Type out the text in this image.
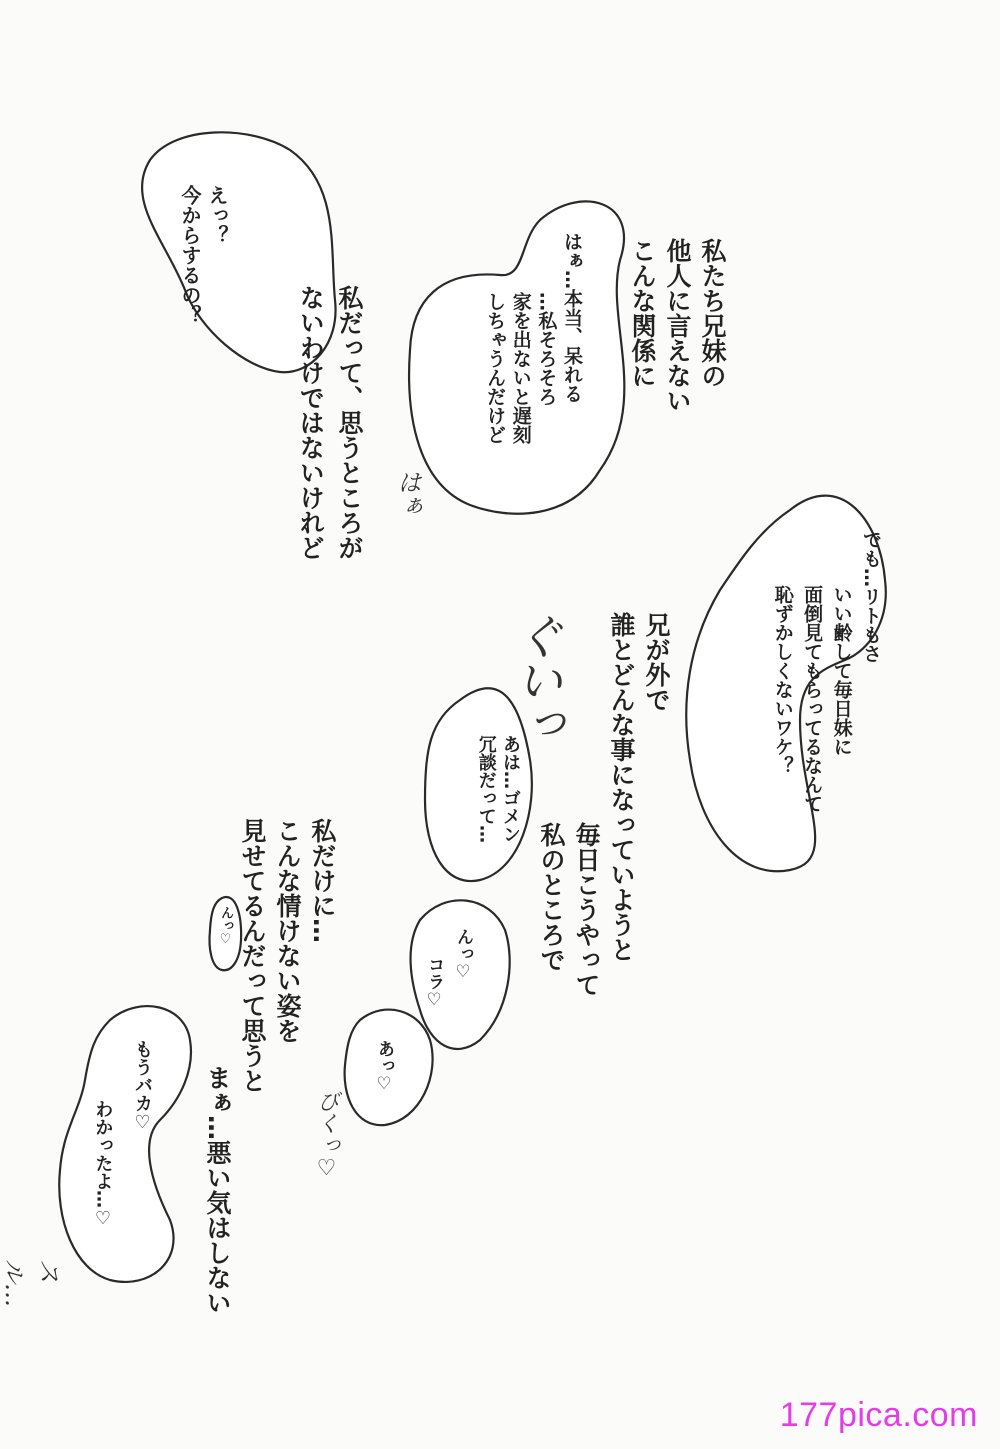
えっ？
今からするの？	はぁ…本当、呆れる
…私そろそろ
家を出ないと遅刻
しちゃうんだけど
でも…リトもさ
いい齢して毎日妹に
面倒見てもらってるなんて
恥ずかしくないワケ？
あは…ゴメン
冗談だって…
んっ♡
コラ♡
あっ♡
もうバカ♡
わかったよ…♡
んっ♡
私たち兄妹の
他人に言えない
こんな関係に
私だって、思うところが
ないわけではないけれど
兄が外で
誰とどんな事になっていようと
毎日こうやって
私のところで
私だけに…
こんな情けない姿を
見せてるんだって思うと
まぁ…悪い気はしない
はぁ
ぐいっ
びくっ♡
スル…
177pica.com
